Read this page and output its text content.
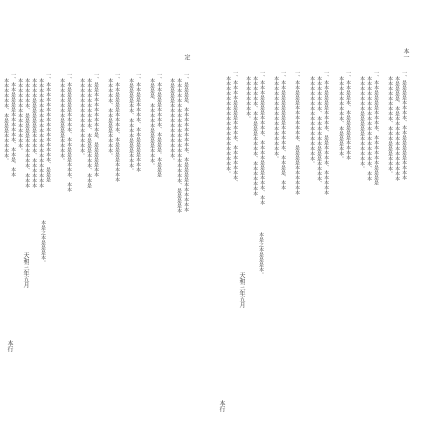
本一
一、是是是是本本本本、本本是是是是是本本本本
本是是是是、本是本本本本本本本本本本本本本
本本本本本本本本本、本本本是是是本本本。
一、本本是是是是本本本本、本本本本本本是是是是
本本本本本本本本本本本本本本本本本本、本本
本本本本本本本是是是是是本本本本本本。
一、本本是是本、本是是是是是本本本本
本本本本本本本本本、本是是是本本。
一、本本是是是是本本本本、是是本本本本、本本本本本
本本本本本本本、本本本本本本是是是本本本本、
本本本本本本本本本本本本本本本本本。
一、本本是是是本本本本本本本、是是是是本本本本本本
一、本本是是是是是是是本本本本本、本本是是、本本
本本本本本本本本本本本本本本本本。
一、本本本是是是是本本本本、本本本本是是是本本本、本本
本本本本本本、本本是是是本本本本、本本本本本本本
本本本本本本本本。
一、本本本本是是是是本本本本、本本本本本本本、
本本本本本本本本本本本本本本本本本本本。
本是之本是是是本。
天和三年五月
本行
定
一、是是是是、本本本本本本本本本、本是是是是本本本本本本
本本本本本本本本本本本本本本本本本本本本本、是是是是本
本是是是是本本本本本本本本本本本。
一、本本是是是本本本本、本是是是。本是是是
本是是是、本本本本本是是是是本本本。
一、本本是是本本本本、本本是是是是本本本
本是是是是本本、本本本本是是是本本本。
一、本本是是是是本本本本、本是是是是本本本本
本本本本本、本本是是是本本本本。
一、是是本本本本本本本本是、是是是是是本本
本本本本本本本本本本、本是是是本本本、本本是
本本本本本本本本本本本本本本本。
一、本是是是是是本本本本、本本是是是本本本、本本
本本本本本本本本是是是是本本本本。
一、本本本本本本本本本本本本本本本本、是是是
本本本本本本本本本本本本本本本本本本本本本本
本本本本是是是是是是是本本本本、本本本本本本
本本本本本本、是是是是是本本本本本本、本本本
本本本本本本本本本本本本本本。
一、本本是是是是本本本本本本、本本是、本本
本本本本本本、本是是是本本本本本。
本是之本是是是本。
天和三年五月
本行
